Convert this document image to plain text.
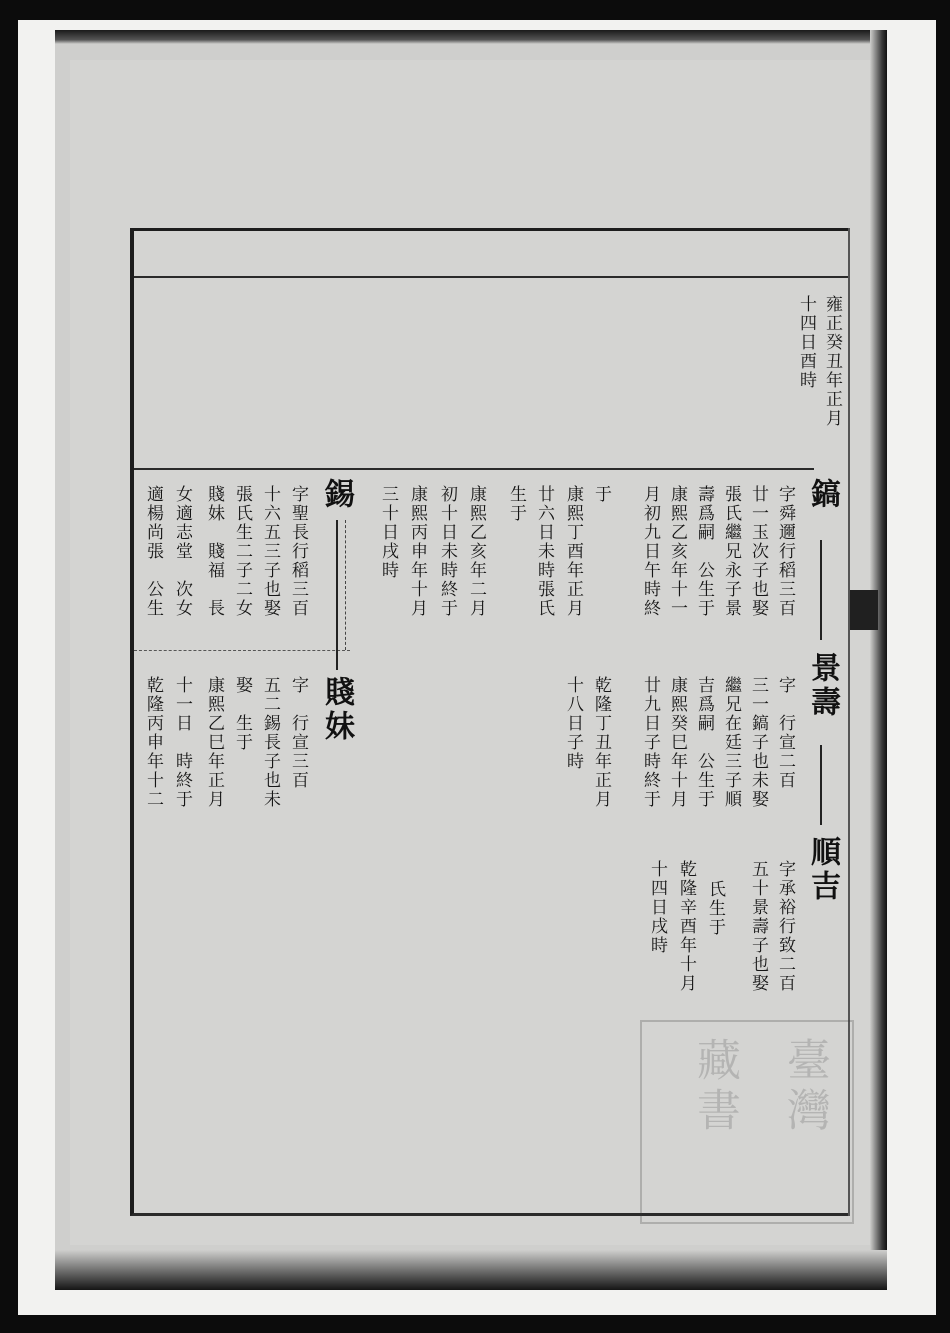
雍正癸丑年正月
十四日酉時
鎬
景壽
順吉
錫
賤妹
字舜邇行稻三百
廿一玉次子也娶
張氏繼兄永子景
壽爲嗣　公生于
康熙乙亥年十一
月初九日午時終
于
康熙丁酉年正月
廿六日未時張氏
生于
康熙乙亥年二月
初十日未時終于
康熙丙申年十月
三十日戌時
字　行宣二百
三一鎬子也未娶
繼兄在廷三子順
吉爲嗣　公生于
康熙癸巳年十月
廿九日子時終于
乾隆丁丑年正月
十八日子時
字承裕行致二百
五十景壽子也娶
氏生于
乾隆辛酉年十月
十四日戌時
字聖長行稻三百
十六五三子也娶
張氏生二子二女
賤妹　賤福　長
女適志堂　次女
適楊尚張　公生
字　行宣三百
五二錫長子也未
娶　生于
康熙乙巳年正月
十一日　時終于
乾隆丙申年十二
臺灣
藏書
